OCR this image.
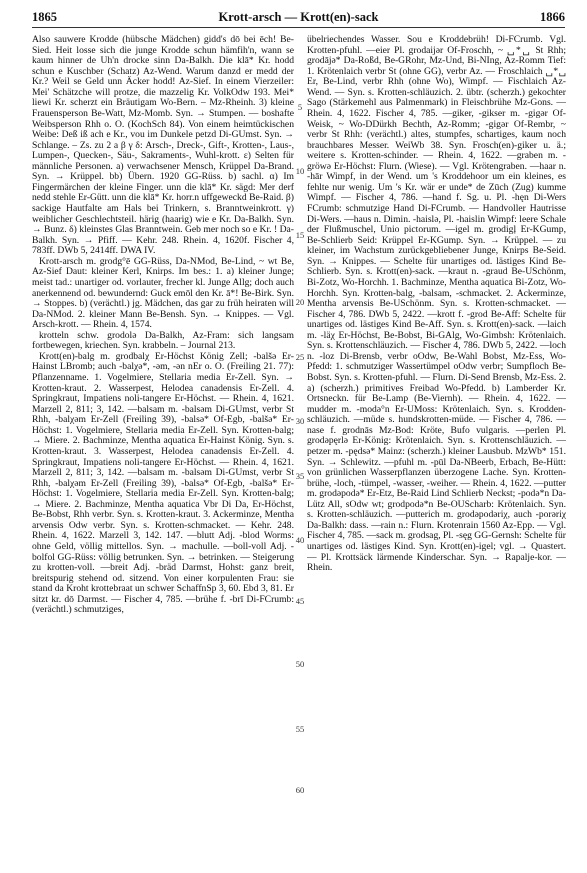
1865	Krott-arsch — Krott(en)-sack	1866

Also sauwere Krodde (hübsche Mädchen) gidd's dō bei ēch! Be-Sied. Heit losse sich die junge Krodde schun hämfih'n, wann se kaum hinner de Uh'n drocke sinn Da-Balkh. Die klā* Kr. hodd schun e Kuschber (Schatz) Az-Wend. Warum danzd er medd der Kr.? Weil se Geld unn Äcker hodd! Az-Sief. In einem Vierzeiler: Mei' Schätzche will protze, die mazzelig Kr. VolkOdw 193. Mei* liewi Kr. scherzt ein Bräutigam Wo-Bern. – Mz-Rheinh. 3) kleine Frauensperson Be-Watt, Mz-Momb. Syn. → Stumpen. — boshafte Weibsperson Rhh o. O. (KochSch 84). Von einem heimtückischen Weibe: Deß iß ach e Kr., vou im Dunkele petzd Di-GUmst. Syn. → Schlange. – Zs. zu 2 a β γ δ: Arsch-, Dreck-, Gift-, Krotten-, Laus-, Lumpen-, Quecken-, Säu-, Sakraments-, Wuhl-krott. ε) Selten für männliche Personen. a) verwachsener Mensch, Krüppel Da-Brand. Syn. → Krüppel. bb) Übern. 1920 GG-Rüss. b) sachl. α) Im Fingermärchen der kleine Finger. unn die klā* Kr. sägd: Mer derf nedd stehle Er-Gütt. unn die klā* Kr. horr.n uffgeweckd Be-Raid. β) sackige Hautfalte am Hals bei Trinkern, s. Branntweinkrott. γ) weiblicher Geschlechtsteil. härig (haarig) wie e Kr. Da-Balkh. Syn. → Bunz. δ) kleinstes Glas Branntwein. Geb mer noch so e Kr. ! Da-Balkh. Syn. → Pfiff. — Kehr. 248. Rhein. 4, 1620f. Fischer 4, 783ff. DWb 5, 2414ff. DWA IV.

Krott-arsch m. grodg°ē GG-Rüss, Da-NMod, Be-Lind, ~ wt Be, Az-Sief Daut: kleiner Kerl, Knirps. Im bes.: 1. a) kleiner Junge; meist tad.: unartiger od. vorlauter, frecher kl. Junge Allg; doch auch anerkennend od. bewundernd: Guck emōl den Kr. ā*! Be-Birk. Syn. → Stoppes. b) (verächtl.) jg. Mädchen, das gar zu früh heiraten will Da-NMod. 2. kleiner Mann Be-Bensh. Syn. → Knippes. — Vgl. Arsch-krott. — Rhein. 4, 1574.

krotteln schw. grodolə Da-Balkh, Az-Fram: sich langsam fortbewegen, kriechen. Syn. krabbeln. – Journal 213.

Krott(en)-balg m. grodbalχ Er-Höchst König Zell; -balšə Er-Hainst LBromb; auch -balχə*, -əm, -ən nEr o. O. (Freiling 21. 77): Pflanzenname. 1. Vogelmiere, Stellaria media Er-Zell. Syn. → Krotten-kraut. 2. Wasserpest, Helodea canadensis Er-Zell. 4. Springkraut, Impatiens noli-tangere Er-Höchst. — Rhein. 4, 1621. Marzell 2, 811; 3, 142. —balsam m. -balsəm Di-GUmst, verbr St Rhh, -balχəm Er-Zell (Freiling 39), -balsə* Of-Egb, -balšə* Er-Höchst: 1. Vogelmiere, Stellaria media Er-Zell. Syn. Krotten-balg; → Miere. 2. Bachminze, Mentha aquatica Er-Hainst König. Syn. s. Krotten-kraut. 3. Wasserpest, Helodea canadensis Er-Zell. 4. Springkraut, Impatiens noli-tangere Er-Höchst. — Rhein. 4, 1621. Marzell 2, 811; 3, 142. —balsam m. -balsəm Di-GUmst, verbr St Rhh, -balχəm Er-Zell (Freiling 39), -balsə* Of-Egb, -balšə* Er-Höchst: 1. Vogelmiere, Stellaria media Er-Zell. Syn. Krotten-balg; → Miere. 2. Bachminze, Mentha aquatica Vbr Di Da, Er-Höchst, Be-Bobst, Rhh verbr. Syn. s. Krotten-kraut. 3. Ackerminze, Mentha arvensis Odw verbr. Syn. s. Krotten-schmacket. — Kehr. 248. Rhein. 4, 1622. Marzell 3, 142. 147. —blutt Adj. -blod Worms: ohne Geld, völlig mittellos. Syn. → machulle. —boll-voll Adj. -bolfol GG-Rüss: völlig betrunken. Syn. → betrinken. — Steigerung zu krotten-voll. —breit Adj. -bräd Darmst, Hohst: ganz breit, breitspurig stehend od. sitzend. Von einer korpulenten Frau: sie stand da Kroht krottebraat un schwer SchaffnSp 3, 60. Ebd 3, 81. Er sitzt kr. dō Darmst. — Fischer 4, 785. —brühe f. -brī Di-FCrumb: (verächtl.) schmutziges,

5
10
15
20
25
30
35
40
45
50
55
60

übelriechendes Wasser. Sou e Kroddebrüh! Di-FCrumb. Vgl. Krotten-pfuhl. —eier Pl. grodaijər Of-Froschh, ~ ␣*␣ St Rhh; grodājə* Da-Roßd, Be-GRohr, Mz-Und, Bi-NIng, Az-Romm Tief: 1. Krötenlaich verbr St (ohne GG), verbr Az. — Froschlaich ␣*␣ Er, Be-Lind, verbr Rhh (ohne Wo), Wimpf. — Fischlaich Az-Wend. — Syn. s. Krotten-schläuzich. 2. übtr. (scherzh.) gekochter Sago (Stärkemehl aus Palmenmark) in Fleischbrühe Mz-Gons. — Rhein. 4, 1622. Fischer 4, 785. —giker, -gikser m. -gigər Of-Weisk, ~ Wo-DDürkh Bechth, Az-Romm; -gigər Of-Rembr, ~ verbr St Rhh: (verächtl.) altes, stumpfes, schartiges, kaum noch brauchbares Messer. WeiWb 38. Syn. Frosch(en)-giker u. ä.; weitere s. Krotten-schinder. — Rhein. 4, 1622. —graben m. -gröwə Er-Höchst: Flurn. (Wiese). — Vgl. Krötengraben. —haar n. -hār Wimpf, in der Wend. um 's Kroddehoor um ein kleines, es fehlte nur wenig. Um 's Kr. wär er unde* de Zūch (Zug) kumme Wimpf. — Fischer 4, 786. —hand f. Sg. u. Pl. -hęn Di-Wers FCrumb: schmutzige Hand Di-FCrumb. — Handvoller Hautrisse Di-Wers. —haus n. Dimin. -haislə, Pl. -haislin Wimpf: leere Schale der Flußmuschel, Unio pictorum. —igel m. grodigļ Er-KGump, Be-Schlierb Seid: Krüppel Er-KGump. Syn. → Krüppel. — zu kleiner, im Wachstum zurückgebliebener Junge, Knirps Be-Seid. Syn. → Knippes. — Schelte für unartiges od. lästiges Kind Be-Schlierb. Syn. s. Krott(en)-sack. —kraut n. -graud Be-USchönm, Bi-Zotz, Wo-Horchh. 1. Bachminze, Mentha aquatica Bi-Zotz, Wo-Horchh. Syn. Krotten-balg, -balsam, -schmacket. 2. Ackerminze, Mentha arvensis Be-USchönm. Syn. s. Krotten-schmacket. — Fischer 4, 786. DWb 5, 2422. —krott f. -grod Be-Aff: Schelte für unartiges od. lästiges Kind Be-Aff. Syn. s. Krott(en)-sack. —laich m. -läχ Er-Höchst, Be-Bobst, Bi-GAlg, Wo-Gimbsh: Krötenlaich. Syn. s. Krottenschläuzich. — Fischer 4, 786. DWb 5, 2422. —loch n. -loz Di-Brensb, verbr oOdw, Be-Wahl Bobst, Mz-Ess, Wo-Pfedd: 1. schmutziger Wassertümpel oOdw verbr; Sumpfloch Be-Bobst. Syn. s. Krotten-pfuhl. — Flurn. Di-Send Brensb, Mz-Ess. 2. a) (scherzh.) primitives Freibad Wo-Pfedd. b) Lamberder Kr. Ortsneckn. für Be-Lamp (Be-Viernh). — Rhein. 4, 1622. —mudder m. -modə°n Er-UMoss: Krötenlaich. Syn. s. Krodden-schläuzich. —müde s. hundskrotten-müde. — Fischer 4, 786. —nase f. grodnās Mz-Bod: Kröte, Bufo vulgaris. —perlen Pl. grodəpęrlə Er-König: Krötenlaich. Syn. s. Krottenschläuzich. —petzer m. -pędsə* Mainz: (scherzh.) kleiner Lausbub. MzWb* 151. Syn. → Schlewitz. —pfuhl m. -pūl Da-NBeerb, Erbach, Be-Hütt: von grünlichen Wasserpflanzen überzogene Lache. Syn. Krotten-brühe, -loch, -tümpel, -wasser, -weiher. — Rhein. 4, 1622. —putter m. grodəpodə* Er-Etz, Be-Raid Lind Schlierb Neckst; -podə*n Da-Lütz All, sOdw wt; grodpodə*n Be-OUScharb: Krötenlaich. Syn. s. Krotten-schläuzich. —putterich m. grodəpodəriχ, auch -porəriχ Da-Balkh: dass. —rain n.: Flurn. Krotenrain 1560 Az-Epp. — Vgl. Fischer 4, 785. —sack m. grodsag, Pl. -sęg GG-Gernsh: Schelte für unartiges od. lästiges Kind. Syn. Krott(en)-igel; vgl. → Quastert. — Pl. Krottsäck lärmende Kinderschar. Syn. → Rapalje-kor. — Rhein.
